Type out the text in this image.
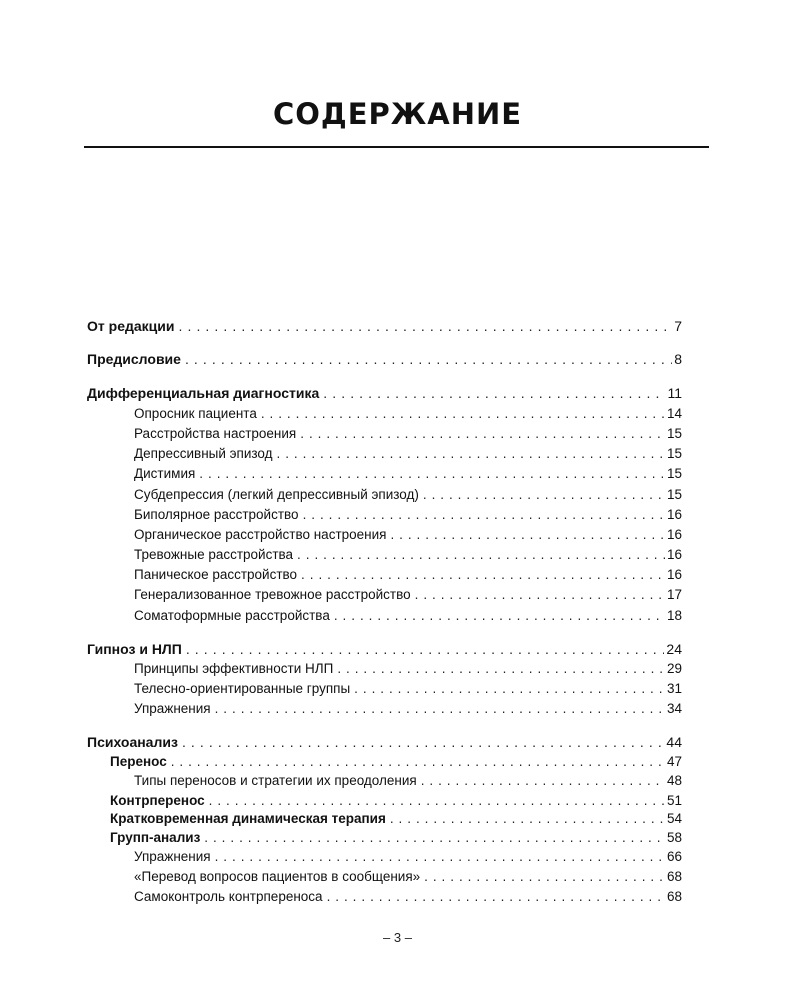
СОДЕРЖАНИЕ
От редакции . . .	7
Предисловие . . .	8
Дифференциальная диагностика . . .	11
Опросник пациента . . .	14
Расстройства настроения . . .	15
Депрессивный эпизод . . .	15
Дистимия . . .	15
Субдепрессия (легкий депрессивный эпизод) . . .	15
Биполярное расстройство . . .	16
Органическое расстройство настроения . . .	16
Тревожные расстройства . . .	16
Паническое расстройство . . .	16
Генерализованное тревожное расстройство . . .	17
Соматоформные расстройства . . .	18
Гипноз и НЛП . . .	24
Принципы эффективности НЛП . . .	29
Телесно-ориентированные группы . . .	31
Упражнения . . .	34
Психоанализ . . .	44
Перенос . . .	47
Типы переносов и стратегии их преодоления . . .	48
Контрперенос . . .	51
Кратковременная динамическая терапия . . .	54
Групп-анализ . . .	58
Упражнения . . .	66
«Перевод вопросов пациентов в сообщения» . . .	68
Самоконтроль контрпереноса . . .	68
– 3 –
